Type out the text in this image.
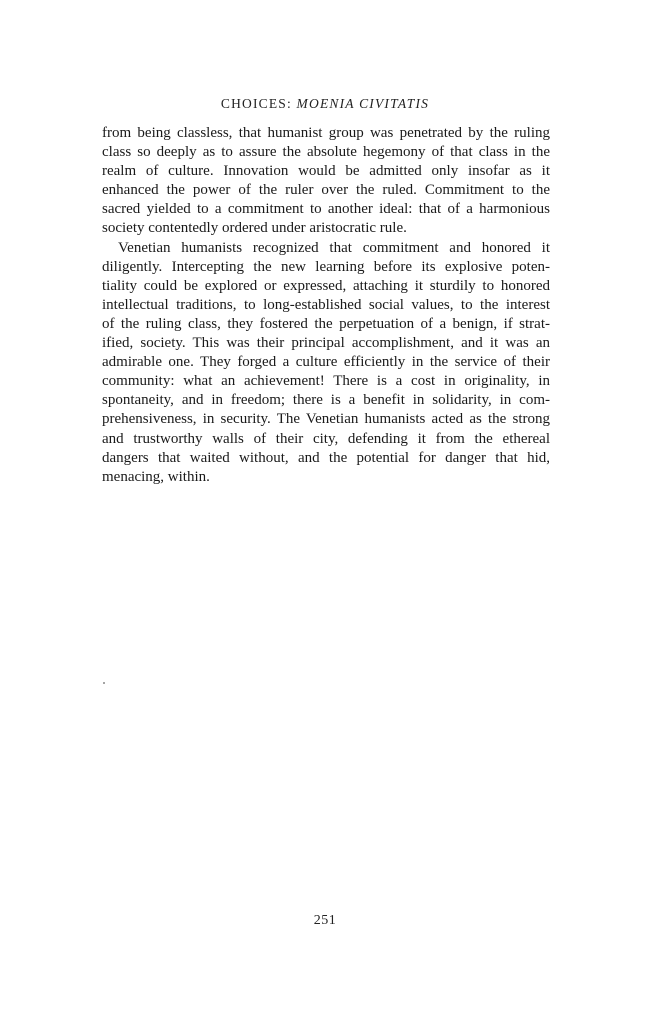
CHOICES: MOENIA CIVITATIS
from being classless, that humanist group was penetrated by the ruling
class so deeply as to assure the absolute hegemony of that class in the
realm of culture. Innovation would be admitted only insofar as it
enhanced the power of the ruler over the ruled. Commitment to the
sacred yielded to a commitment to another ideal: that of a harmonious
society contentedly ordered under aristocratic rule.
Venetian humanists recognized that commitment and honored it
diligently. Intercepting the new learning before its explosive poten-
tiality could be explored or expressed, attaching it sturdily to honored
intellectual traditions, to long-established social values, to the interest
of the ruling class, they fostered the perpetuation of a benign, if strat-
ified, society. This was their principal accomplishment, and it was an
admirable one. They forged a culture efficiently in the service of their
community: what an achievement! There is a cost in originality, in
spontaneity, and in freedom; there is a benefit in solidarity, in com-
prehensiveness, in security. The Venetian humanists acted as the strong
and trustworthy walls of their city, defending it from the ethereal
dangers that waited without, and the potential for danger that hid,
menacing, within.
251
